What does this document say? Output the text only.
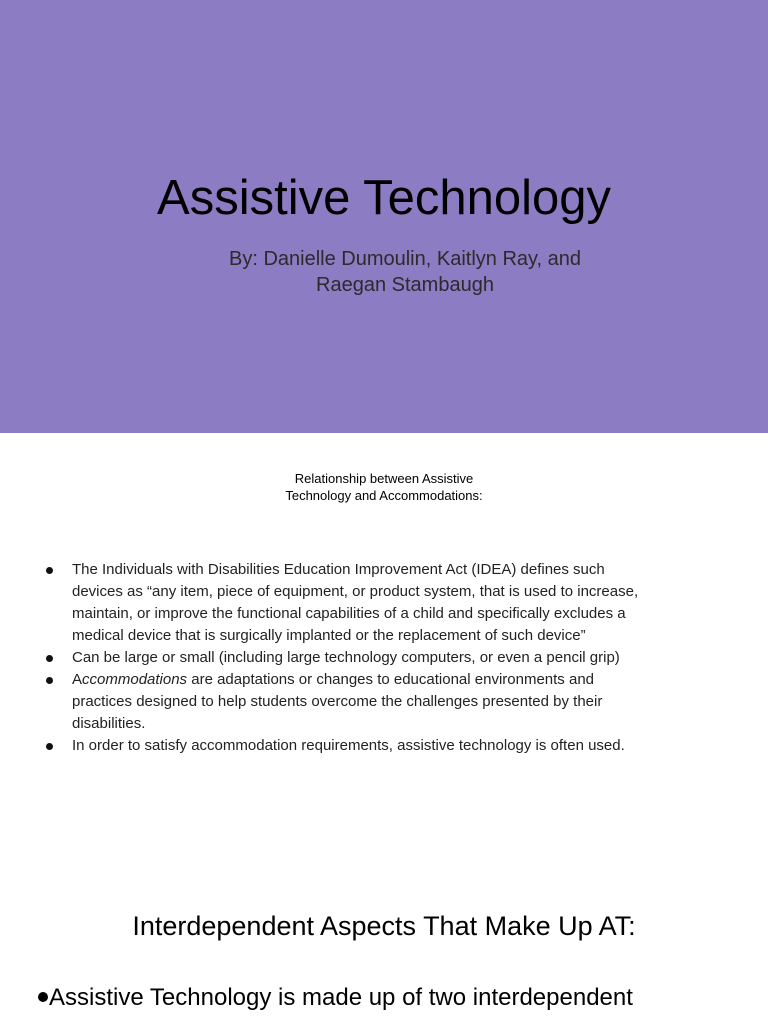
Assistive Technology
By: Danielle Dumoulin, Kaitlyn Ray, and
Raegan Stambaugh
Relationship between Assistive
Technology and Accommodations:
The Individuals with Disabilities Education Improvement Act (IDEA) defines such
devices as “any item, piece of equipment, or product system, that is used to increase,
maintain, or improve the functional capabilities of a child and specifically excludes a
medical device that is surgically implanted or the replacement of such device”
Can be large or small (including large technology computers, or even a pencil grip)
Accommodations are adaptations or changes to educational environments and
practices designed to help students overcome the challenges presented by their
disabilities.
In order to satisfy accommodation requirements, assistive technology is often used.
Interdependent Aspects That Make Up AT:
Assistive Technology is made up of two interdependent
